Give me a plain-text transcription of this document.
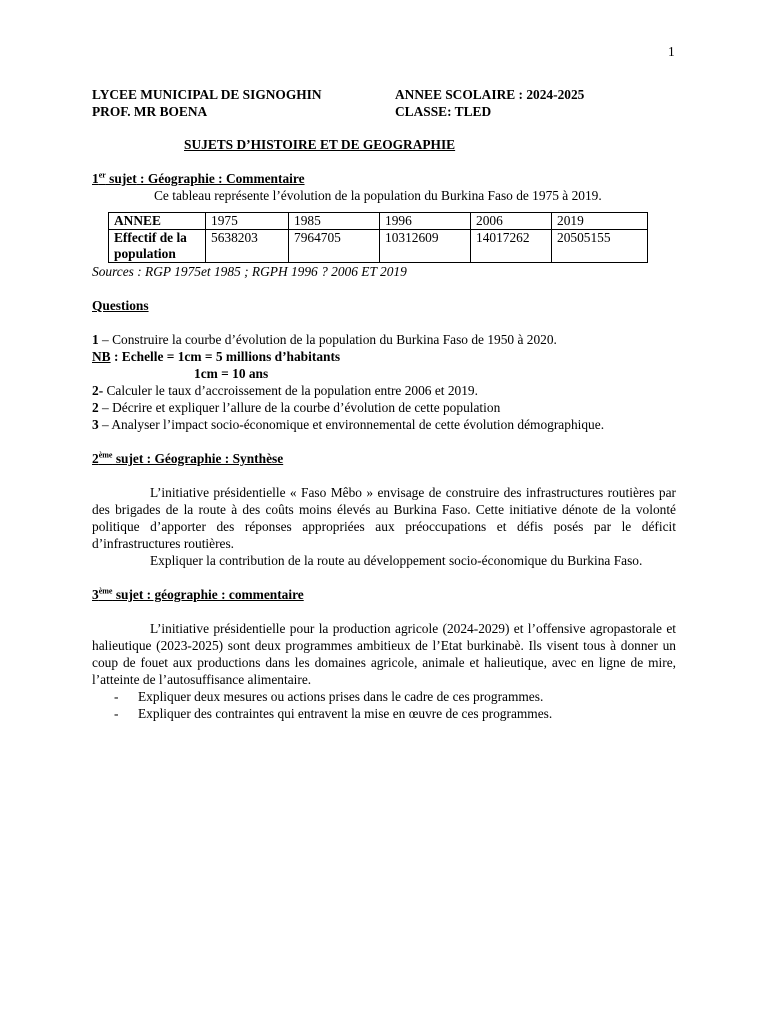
1
LYCEE MUNICIPAL DE SIGNOGHIN	ANNEE SCOLAIRE : 2024-2025
PROF. MR BOENA	CLASSE: TLED
SUJETS D’HISTOIRE ET DE GEOGRAPHIE
1er sujet : Géographie : Commentaire

Ce tableau représente l’évolution de la population du Burkina Faso de 1975 à 2019.

ANNEE	1975	1985	1996	2006	2019
Effectif de la population	5638203	7964705	10312609	14017262	20505155

Sources : RGP 1975et 1985 ; RGPH 1996 ? 2006 ET 2019

Questions

1 – Construire la courbe d’évolution de la population du Burkina Faso de 1950 à 2020.

NB : Echelle = 1cm = 5 millions d’habitants

1cm = 10 ans

2- Calculer le taux d’accroissement de la population entre 2006 et 2019.

2 – Décrire et expliquer l’allure de la courbe d’évolution de cette population

3 – Analyser l’impact socio-économique et environnemental de cette évolution démographique.

2ème sujet : Géographie : Synthèse

L’initiative présidentielle « Faso Mêbo » envisage de construire des infrastructures routières par des brigades de la route à des coûts moins élevés au Burkina Faso. Cette initiative dénote de la volonté politique d’apporter des réponses appropriées aux préoccupations et défis posés par le déficit d’infrastructures routières.

Expliquer la contribution de la route au développement socio-économique du Burkina Faso.

3ème sujet : géographie : commentaire

L’initiative présidentielle pour la production agricole (2024-2029) et l’offensive agropastorale et halieutique (2023-2025) sont deux programmes ambitieux de l’Etat burkinabè. Ils visent tous à donner un coup de fouet aux productions dans les domaines agricole, animale et halieutique, avec en ligne de mire, l’atteinte de l’autosuffisance alimentaire.

-	Expliquer deux mesures ou actions prises dans le cadre de ces programmes.
-	Expliquer des contraintes qui entravent la mise en œuvre de ces programmes.
